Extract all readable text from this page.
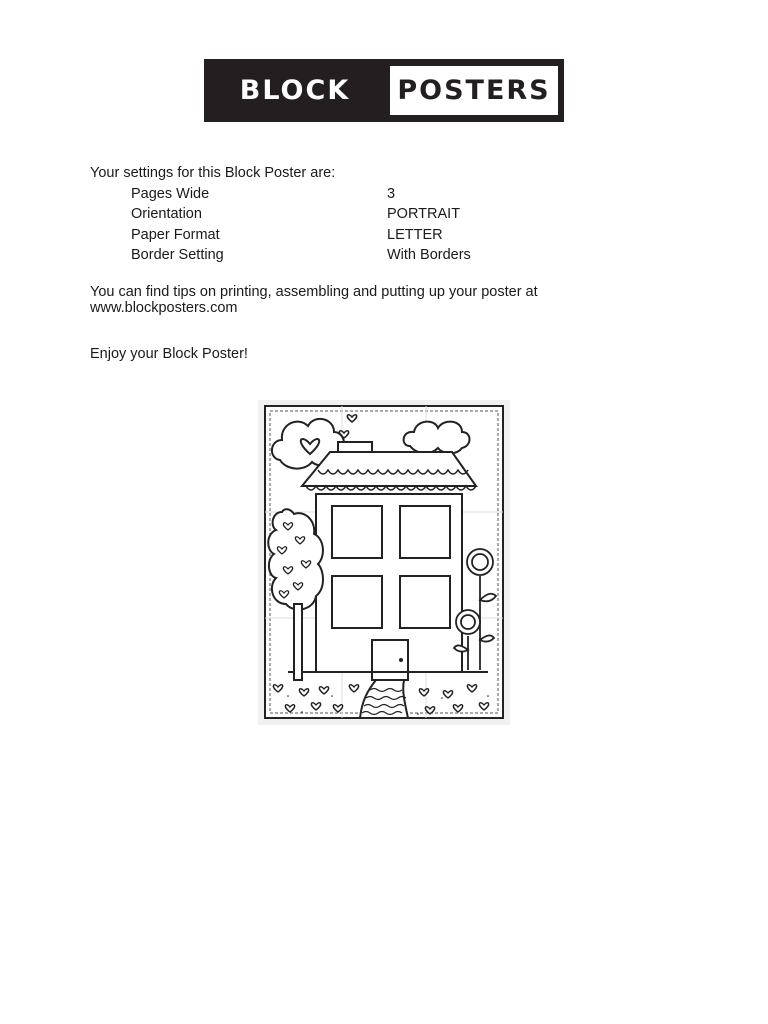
BLOCK	POSTERS
Your settings for this Block Poster are:
Pages Wide	3
Orientation	PORTRAIT
Paper Format	LETTER
Border Setting	With Borders
You can find tips on printing, assembling and putting up your poster at
www.blockposters.com
Enjoy your Block Poster!
